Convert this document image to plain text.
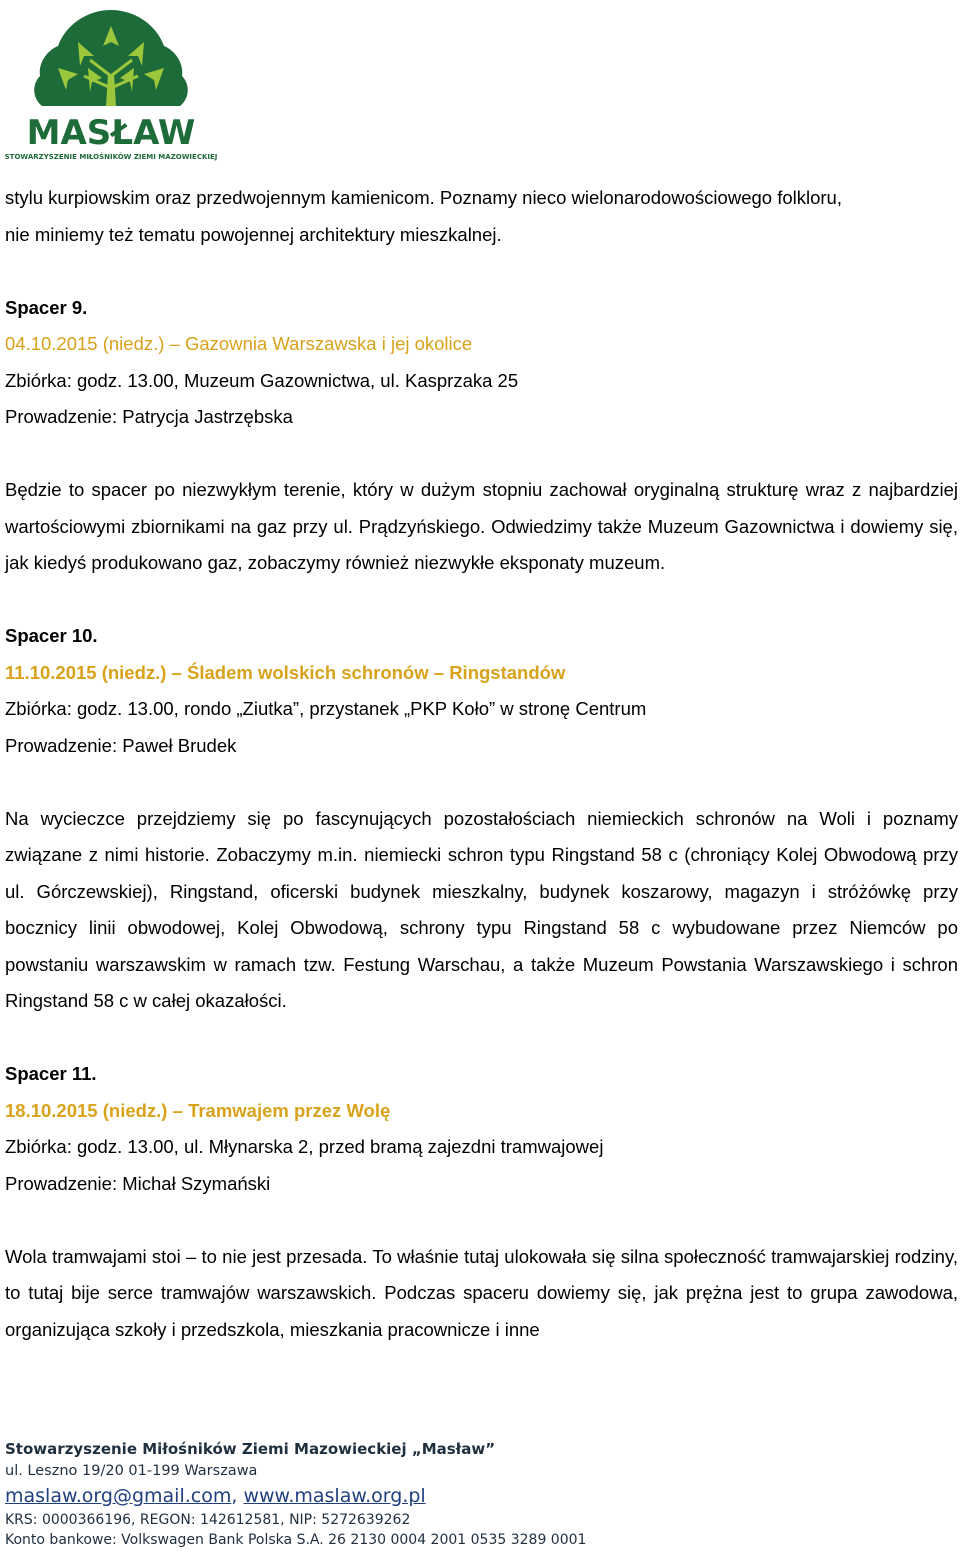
MASŁAW
STOWARZYSZENIE MIŁOŚNIKÓW ZIEMI MAZOWIECKIEJ

stylu kurpiowskim oraz przedwojennym kamienicom. Poznamy nieco wielonarodowościowego folkloru,

nie miniemy też tematu powojennej architektury mieszkalnej.

Spacer 9.

04.10.2015 (niedz.) – Gazownia Warszawska i jej okolice

Zbiórka: godz. 13.00, Muzeum Gazownictwa, ul. Kasprzaka 25

Prowadzenie: Patrycja Jastrzębska

Będzie to spacer po niezwykłym terenie, który w dużym stopniu zachował oryginalną strukturę wraz z najbardziej wartościowymi zbiornikami na gaz przy ul. Prądzyńskiego. Odwiedzimy także Muzeum Gazownictwa i dowiemy się, jak kiedyś produkowano gaz, zobaczymy również niezwykłe eksponaty muzeum.

Spacer 10.

11.10.2015 (niedz.) – Śladem wolskich schronów – Ringstandów

Zbiórka: godz. 13.00, rondo „Ziutka”, przystanek „PKP Koło” w stronę Centrum

Prowadzenie: Paweł Brudek

Na wycieczce przejdziemy się po fascynujących pozostałościach niemieckich schronów na Woli i poznamy związane z nimi historie. Zobaczymy m.in. niemiecki schron typu Ringstand 58 c (chroniący Kolej Obwodową przy ul. Górczewskiej), Ringstand, oficerski budynek mieszkalny, budynek koszarowy, magazyn i stróżówkę przy bocznicy linii obwodowej, Kolej Obwodową, schrony typu Ringstand 58 c wybudowane przez Niemców po powstaniu warszawskim w ramach tzw. Festung Warschau, a także Muzeum Powstania Warszawskiego i schron Ringstand 58 c w całej okazałości.

Spacer 11.

18.10.2015 (niedz.) – Tramwajem przez Wolę

Zbiórka: godz. 13.00, ul. Młynarska 2, przed bramą zajezdni tramwajowej

Prowadzenie: Michał Szymański

Wola tramwajami stoi – to nie jest przesada. To właśnie tutaj ulokowała się silna społeczność tramwajarskiej rodziny, to tutaj bije serce tramwajów warszawskich. Podczas spaceru dowiemy się, jak prężna jest to grupa zawodowa, organizująca szkoły i przedszkola, mieszkania pracownicze i inne

Stowarzyszenie Miłośników Ziemi Mazowieckiej „Masław”
ul. Leszno 19/20 01-199 Warszawa
maslaw.org@gmail.com, www.maslaw.org.pl
KRS: 0000366196, REGON: 142612581, NIP: 5272639262
Konto bankowe: Volkswagen Bank Polska S.A. 26 2130 0004 2001 0535 3289 0001
